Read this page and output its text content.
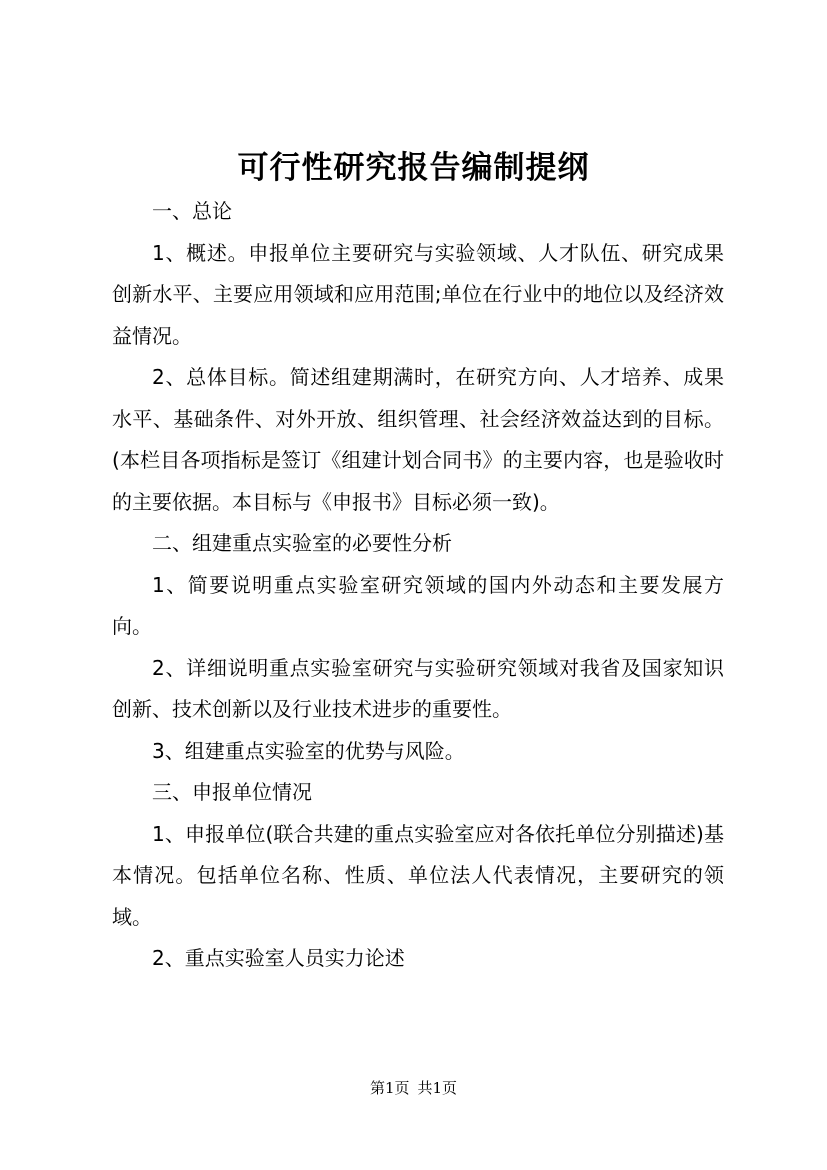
可行性研究报告编制提纲

一、总论

1、概述。申报单位主要研究与实验领域、人才队伍、研究成果创新水平、主要应用领域和应用范围;单位在行业中的地位以及经济效益情况。

2、总体目标。简述组建期满时，在研究方向、人才培养、成果水平、基础条件、对外开放、组织管理、社会经济效益达到的目标。(本栏目各项指标是签订《组建计划合同书》的主要内容，也是验收时的主要依据。本目标与《申报书》目标必须一致)。

二、组建重点实验室的必要性分析

1、简要说明重点实验室研究领域的国内外动态和主要发展方向。

2、详细说明重点实验室研究与实验研究领域对我省及国家知识创新、技术创新以及行业技术进步的重要性。

3、组建重点实验室的优势与风险。

三、申报单位情况

1、申报单位(联合共建的重点实验室应对各依托单位分别描述)基本情况。包括单位名称、性质、单位法人代表情况，主要研究的领域。

2、重点实验室人员实力论述

第1页 共1页
